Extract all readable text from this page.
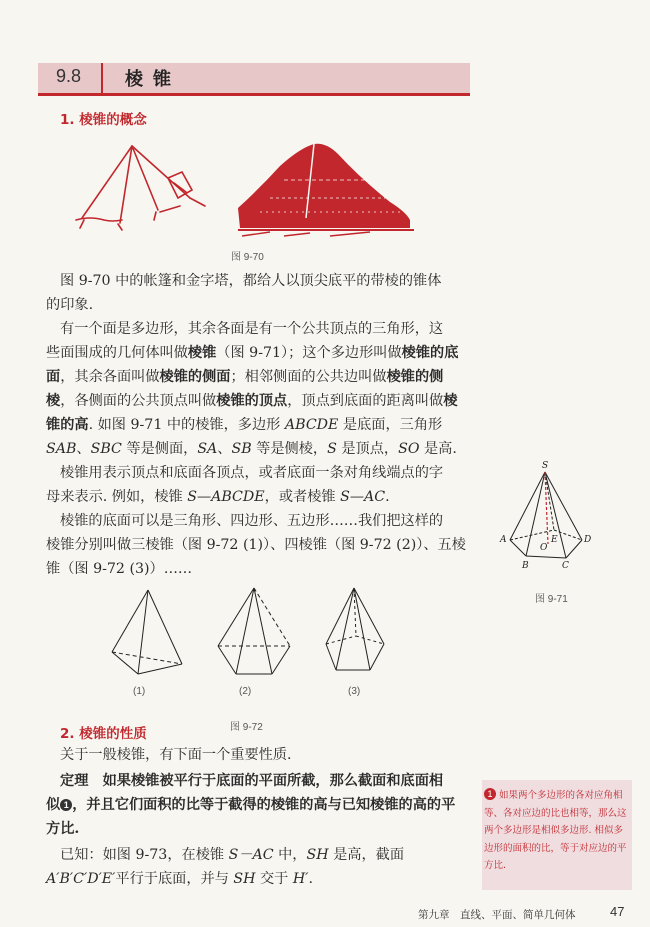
9.8 棱锥
1. 棱锥的概念
图 9-70
图 9-70 中的帐篷和金字塔，都给人以顶尖底平的带棱的锥体
的印象.
有一个面是多边形，其余各面是有一个公共顶点的三角形，这
些面围成的几何体叫做棱锥（图 9-71）；这个多边形叫做棱锥的底
面，其余各面叫做棱锥的侧面；相邻侧面的公共边叫做棱锥的侧
棱，各侧面的公共顶点叫做棱锥的顶点，顶点到底面的距离叫做棱
锥的高. 如图 9-71 中的棱锥，多边形 ABCDE 是底面，三角形
SAB、SBC 等是侧面，SA、SB 等是侧棱，S 是顶点，SO 是高.
棱锥用表示顶点和底面各顶点，或者底面一条对角线端点的字
母来表示. 例如，棱锥 S—ABCDE，或者棱锥 S—AC.
棱锥的底面可以是三角形、四边形、五边形……我们把这样的
棱锥分别叫做三棱锥（图 9-72 (1)）、四棱锥（图 9-72 (2)）、五棱
锥（图 9-72 (3)）……
S
A
B	C
D
E
O
图 9-71
(1)	(2)	(3)
图 9-72
2. 棱锥的性质
关于一般棱锥，有下面一个重要性质.
定理　如果棱锥被平行于底面的平面所截，那么截面和底面相
似 1 ，并且它们面积的比等于截得的棱锥的高与已知棱锥的高的平
方比.
已知：如图 9-73，在棱锥 S－AC 中，SH 是高，截面
A′B′C′D′E′平行于底面，并与 SH 交于 H′.
1 如果两个多边形的各对应角相等、各对应边的比也相等，那么这两个多边形是相似多边形. 相似多边形的面积的比，等于对应边的平方比.
第九章　直线、平面、简单几何体	47
